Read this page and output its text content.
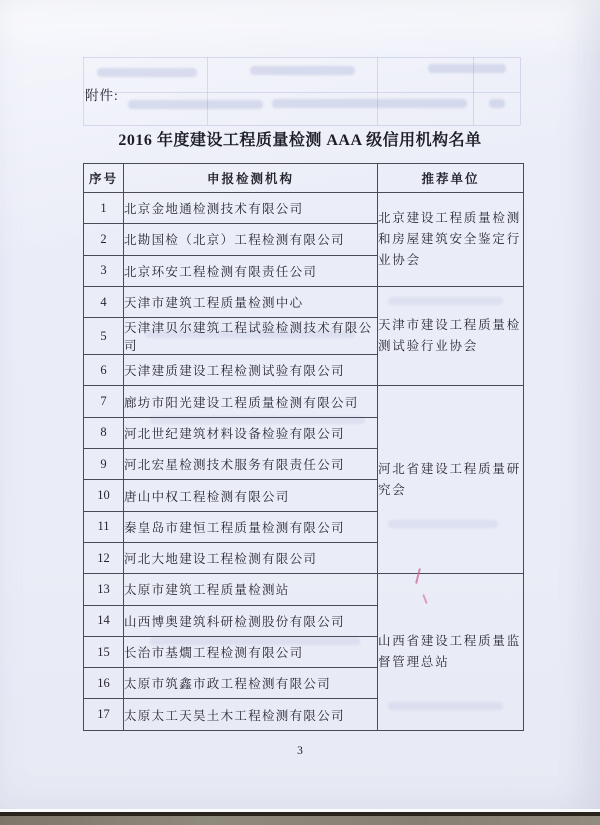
附件:
2016 年度建设工程质量检测 AAA 级信用机构名单
序号	申报检测机构	推荐单位
1	北京金地通检测技术有限公司	北京建设工程质量检测和房屋建筑安全鉴定行业协会
2	北勘国检（北京）工程检测有限公司	
3	北京环安工程检测有限责任公司	
4	天津市建筑工程质量检测中心	天津市建设工程质量检测试验行业协会
5	天津津贝尔建筑工程试验检测技术有限公司	
6	天津建质建设工程检测试验有限公司	
7	廊坊市阳光建设工程质量检测有限公司	河北省建设工程质量研究会
8	河北世纪建筑材料设备检验有限公司	
9	河北宏星检测技术服务有限责任公司	
10	唐山中权工程检测有限公司	
11	秦皇岛市建恒工程质量检测有限公司	
12	河北大地建设工程检测有限公司	
13	太原市建筑工程质量检测站	山西省建设工程质量监督管理总站
14	山西博奥建筑科研检测股份有限公司	
15	长治市基燗工程检测有限公司	
16	太原市筑鑫市政工程检测有限公司	
17	太原太工天昊土木工程检测有限公司	
3
